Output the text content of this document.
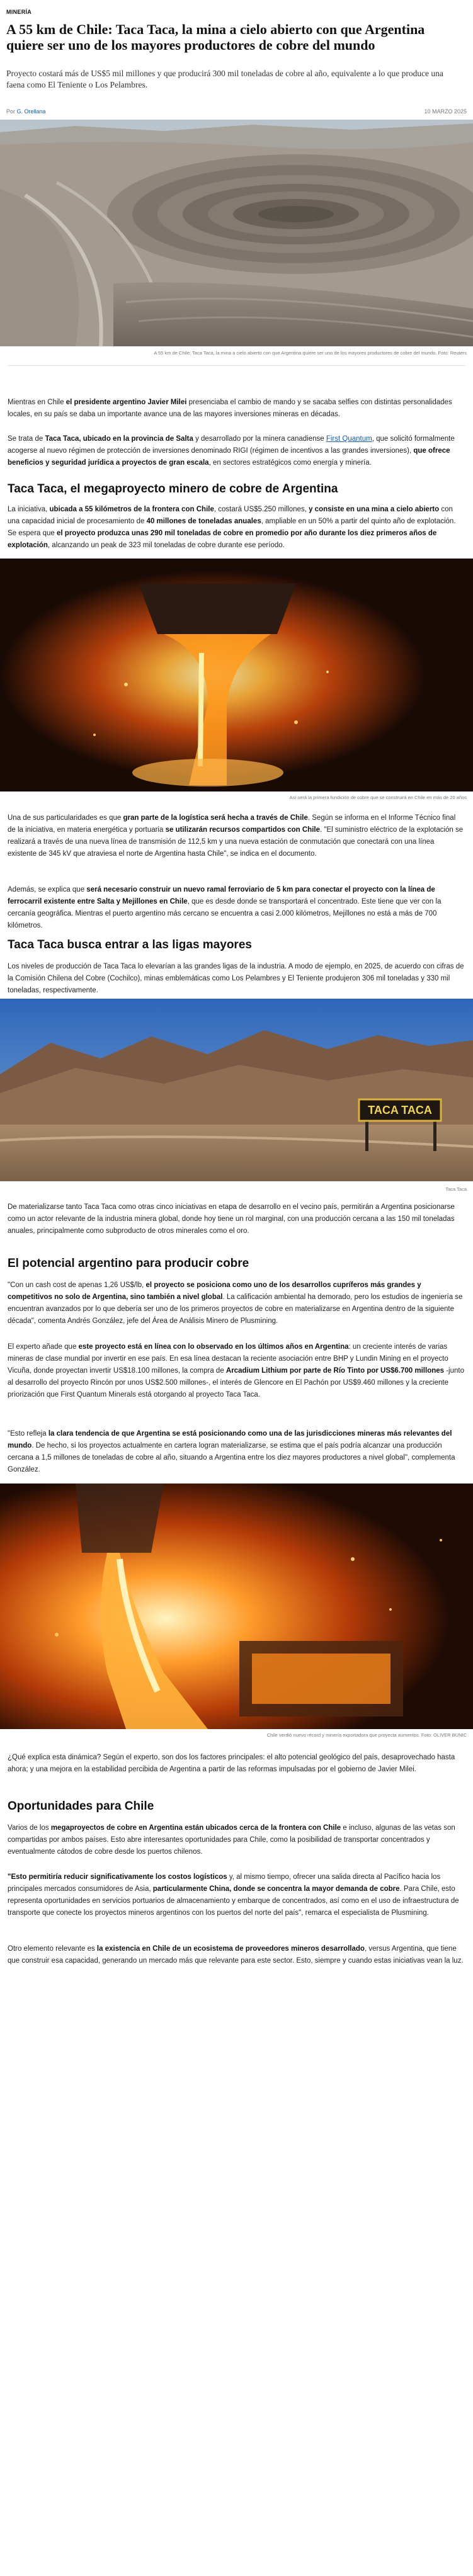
MINERÍA
A 55 km de Chile: Taca Taca, la mina a cielo abierto con que Argentina quiere ser uno de los mayores productores de cobre del mundo

Proyecto costará más de US$5 mil millones y que producirá 300 mil toneladas de cobre al año, equivalente a lo que produce una faena como El Teniente o Los Pelambres.

Por G. Orellana	10 MARZO 2025
A 55 km de Chile: Taca Taca, la mina a cielo abierto con que Argentina quiere ser uno de los mayores productores de cobre del mundo. Foto: Reuters

Mientras en Chile el presidente argentino Javier Milei presenciaba el cambio de mando y se sacaba selfies con distintas personalidades locales, en su país se daba un importante avance una de las mayores inversiones mineras en décadas.

Se trata de Taca Taca, ubicado en la provincia de Salta y desarrollado por la minera canadiense First Quantum, que solicitó formalmente acogerse al nuevo régimen de protección de inversiones denominado RIGI (régimen de incentivos a las grandes inversiones), que ofrece beneficios y seguridad jurídica a proyectos de gran escala, en sectores estratégicos como energía y minería.

Taca Taca, el megaproyecto minero de cobre de Argentina

La iniciativa, ubicada a 55 kilómetros de la frontera con Chile, costará US$5.250 millones, y consiste en una mina a cielo abierto con una capacidad inicial de procesamiento de 40 millones de toneladas anuales, ampliable en un 50% a partir del quinto año de explotación. Se espera que el proyecto produzca unas 290 mil toneladas de cobre en promedio por año durante los diez primeros años de explotación, alcanzando un peak de 323 mil toneladas de cobre durante ese período.

Así será la primera fundición de cobre que se construirá en Chile en más de 20 años

Una de sus particularidades es que gran parte de la logística será hecha a través de Chile. Según se informa en el Informe Técnico final de la iniciativa, en materia energética y portuaria se utilizarán recursos compartidos con Chile. "El suministro eléctrico de la explotación se realizará a través de una nueva línea de transmisión de 112,5 km y una nueva estación de conmutación que conectará con una línea existente de 345 kV que atraviesa el norte de Argentina hasta Chile", se indica en el documento.

Además, se explica que será necesario construir un nuevo ramal ferroviario de 5 km para conectar el proyecto con la línea de ferrocarril existente entre Salta y Mejillones en Chile, que es desde donde se transportará el concentrado. Este tiene que ver con la cercanía geográfica. Mientras el puerto argentino más cercano se encuentra a casi 2.000 kilómetros, Mejillones no está a más de 700 kilómetros.

Taca Taca busca entrar a las ligas mayores

Los niveles de producción de Taca Taca lo elevarían a las grandes ligas de la industria. A modo de ejemplo, en 2025, de acuerdo con cifras de la Comisión Chilena del Cobre (Cochilco), minas emblemáticas como Los Pelambres y El Teniente produjeron 306 mil toneladas y 330 mil toneladas, respectivamente.

TACA TACA
Taca Taca

De materializarse tanto Taca Taca como otras cinco iniciativas en etapa de desarrollo en el vecino país, permitirán a Argentina posicionarse como un actor relevante de la industria minera global, donde hoy tiene un rol marginal, con una producción cercana a las 150 mil toneladas anuales, principalmente como subproducto de otros minerales como el oro.

El potencial argentino para producir cobre

"Con un cash cost de apenas 1,26 US$/lb, el proyecto se posiciona como uno de los desarrollos cupríferos más grandes y competitivos no solo de Argentina, sino también a nivel global. La calificación ambiental ha demorado, pero los estudios de ingeniería se encuentran avanzados por lo que debería ser uno de los primeros proyectos de cobre en materializarse en Argentina dentro de la siguiente década", comenta Andrés González, jefe del Área de Análisis Minero de Plusmining.

El experto añade que este proyecto está en línea con lo observado en los últimos años en Argentina: un creciente interés de varias mineras de clase mundial por invertir en ese país. En esa línea destacan la reciente asociación entre BHP y Lundin Mining en el proyecto Vicuña, donde proyectan invertir US$18.100 millones, la compra de Arcadium Lithium por parte de Río Tinto por US$6.700 millones -junto al desarrollo del proyecto Rincón por unos US$2.500 millones-, el interés de Glencore en El Pachón por US$9.460 millones y la creciente priorización que First Quantum Minerals está otorgando al proyecto Taca Taca.

"Esto refleja la clara tendencia de que Argentina se está posicionando como una de las jurisdicciones mineras más relevantes del mundo. De hecho, si los proyectos actualmente en cartera logran materializarse, se estima que el país podría alcanzar una producción cercana a 1,5 millones de toneladas de cobre al año, situando a Argentina entre los diez mayores productores a nivel global", complementa González.

Chile verdió nuevo récord y minería exportadora que proyecta aumentos. Foto: OLIVER BUNIC

¿Qué explica esta dinámica? Según el experto, son dos los factores principales: el alto potencial geológico del país, desaprovechado hasta ahora; y una mejora en la estabilidad percibida de Argentina a partir de las reformas impulsadas por el gobierno de Javier Milei.

Oportunidades para Chile

Varios de los megaproyectos de cobre en Argentina están ubicados cerca de la frontera con Chile e incluso, algunas de las vetas son compartidas por ambos países. Esto abre interesantes oportunidades para Chile, como la posibilidad de transportar concentrados y eventualmente cátodos de cobre desde los puertos chilenos.

"Esto permitiría reducir significativamente los costos logísticos y, al mismo tiempo, ofrecer una salida directa al Pacífico hacia los principales mercados consumidores de Asia, particularmente China, donde se concentra la mayor demanda de cobre. Para Chile, esto representa oportunidades en servicios portuarios de almacenamiento y embarque de concentrados, así como en el uso de infraestructura de transporte que conecte los proyectos mineros argentinos con los puertos del norte del país", remarca el especialista de Plusmining.

Otro elemento relevante es la existencia en Chile de un ecosistema de proveedores mineros desarrollado, versus Argentina, que tiene que construir esa capacidad, generando un mercado más que relevante para este sector. Esto, siempre y cuando estas iniciativas vean la luz.
